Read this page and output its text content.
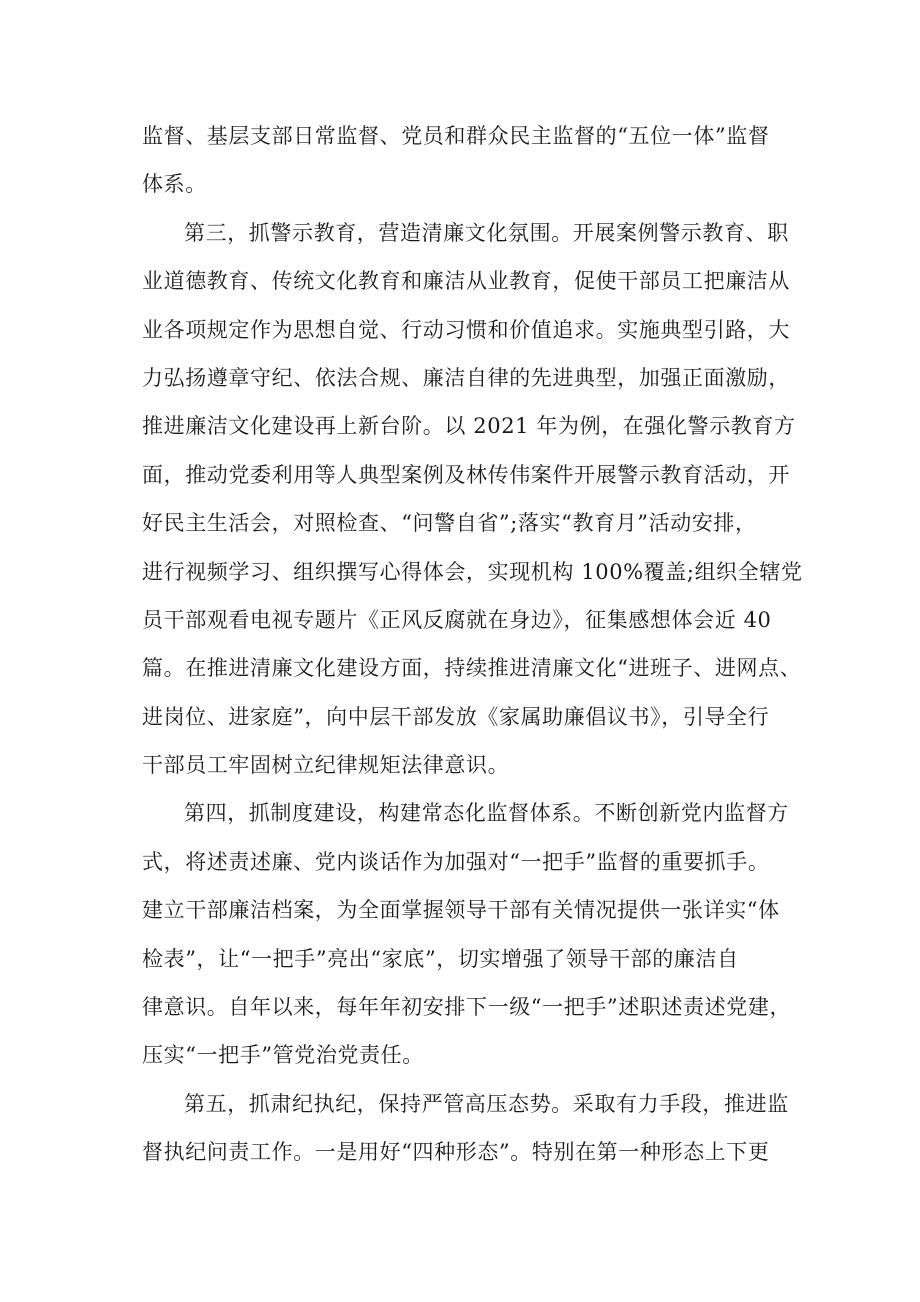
监督、基层支部日常监督、党员和群众民主监督的“五位一体”监督
体系。
第三，抓警示教育，营造清廉文化氛围。开展案例警示教育、职
业道德教育、传统文化教育和廉洁从业教育，促使干部员工把廉洁从
业各项规定作为思想自觉、行动习惯和价值追求。实施典型引路，大
力弘扬遵章守纪、依法合规、廉洁自律的先进典型，加强正面激励，
推进廉洁文化建设再上新台阶。以 2021 年为例，在强化警示教育方
面，推动党委利用等人典型案例及林传伟案件开展警示教育活动，开
好民主生活会，对照检查、“问警自省”;落实“教育月”活动安排，
进行视频学习、组织撰写心得体会，实现机构 100%覆盖;组织全辖党
员干部观看电视专题片《正风反腐就在身边》，征集感想体会近 40
篇。在推进清廉文化建设方面，持续推进清廉文化“进班子、进网点、
进岗位、进家庭”，向中层干部发放《家属助廉倡议书》，引导全行
干部员工牢固树立纪律规矩法律意识。
第四，抓制度建设，构建常态化监督体系。不断创新党内监督方
式，将述责述廉、党内谈话作为加强对“一把手”监督的重要抓手。
建立干部廉洁档案，为全面掌握领导干部有关情况提供一张详实“体
检表”，让“一把手”亮出“家底”，切实增强了领导干部的廉洁自
律意识。自年以来，每年年初安排下一级“一把手”述职述责述党建，
压实“一把手”管党治党责任。
第五，抓肃纪执纪，保持严管高压态势。采取有力手段，推进监
督执纪问责工作。一是用好“四种形态”。特别在第一种形态上下更
